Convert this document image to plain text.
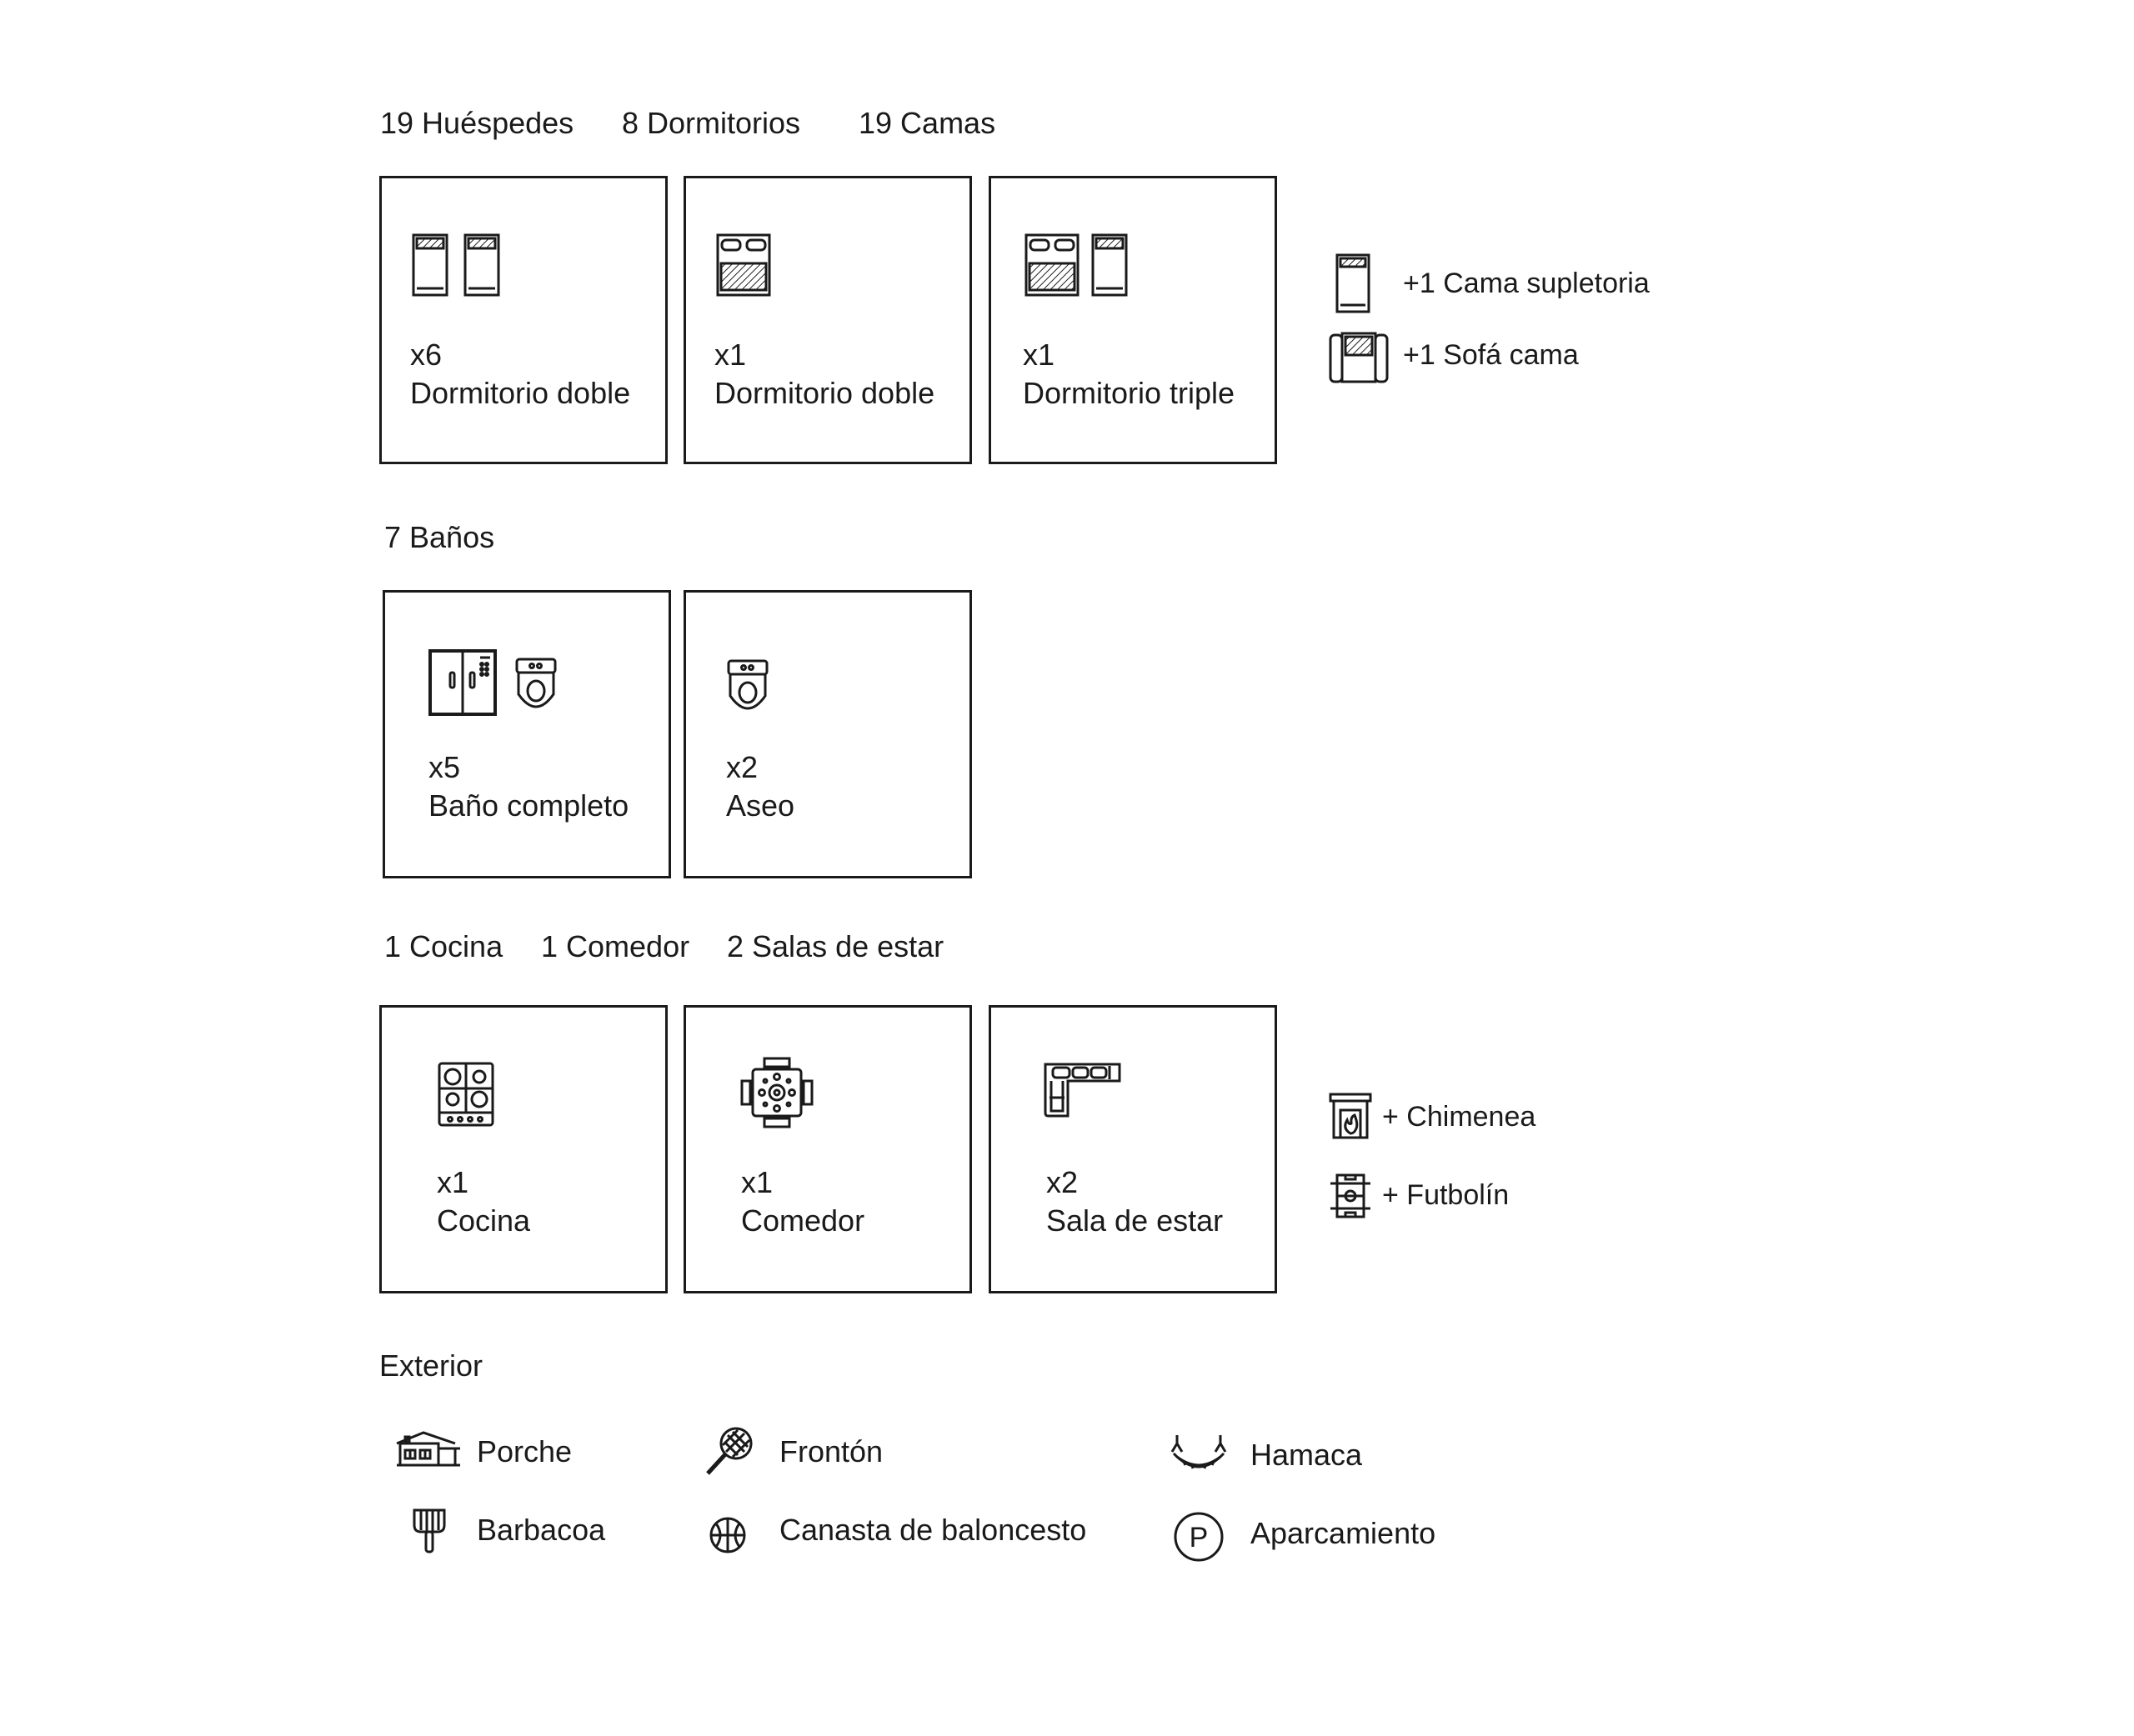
19 Huéspedes 8 Dormitorios 19 Camas
x6
Dormitorio doble
x1
Dormitorio doble
x1
Dormitorio triple
+1 Cama supletoria
+1 Sofá cama
7 Baños
x5
Baño completo
x2
Aseo
1 Cocina 1 Comedor 2 Salas de estar
x1
Cocina
x1
Comedor
x2
Sala de estar
+ Chimenea
+ Futbolín
Exterior
Porche
Barbacoa
Frontón
Canasta de baloncesto
Hamaca
P Aparcamiento
